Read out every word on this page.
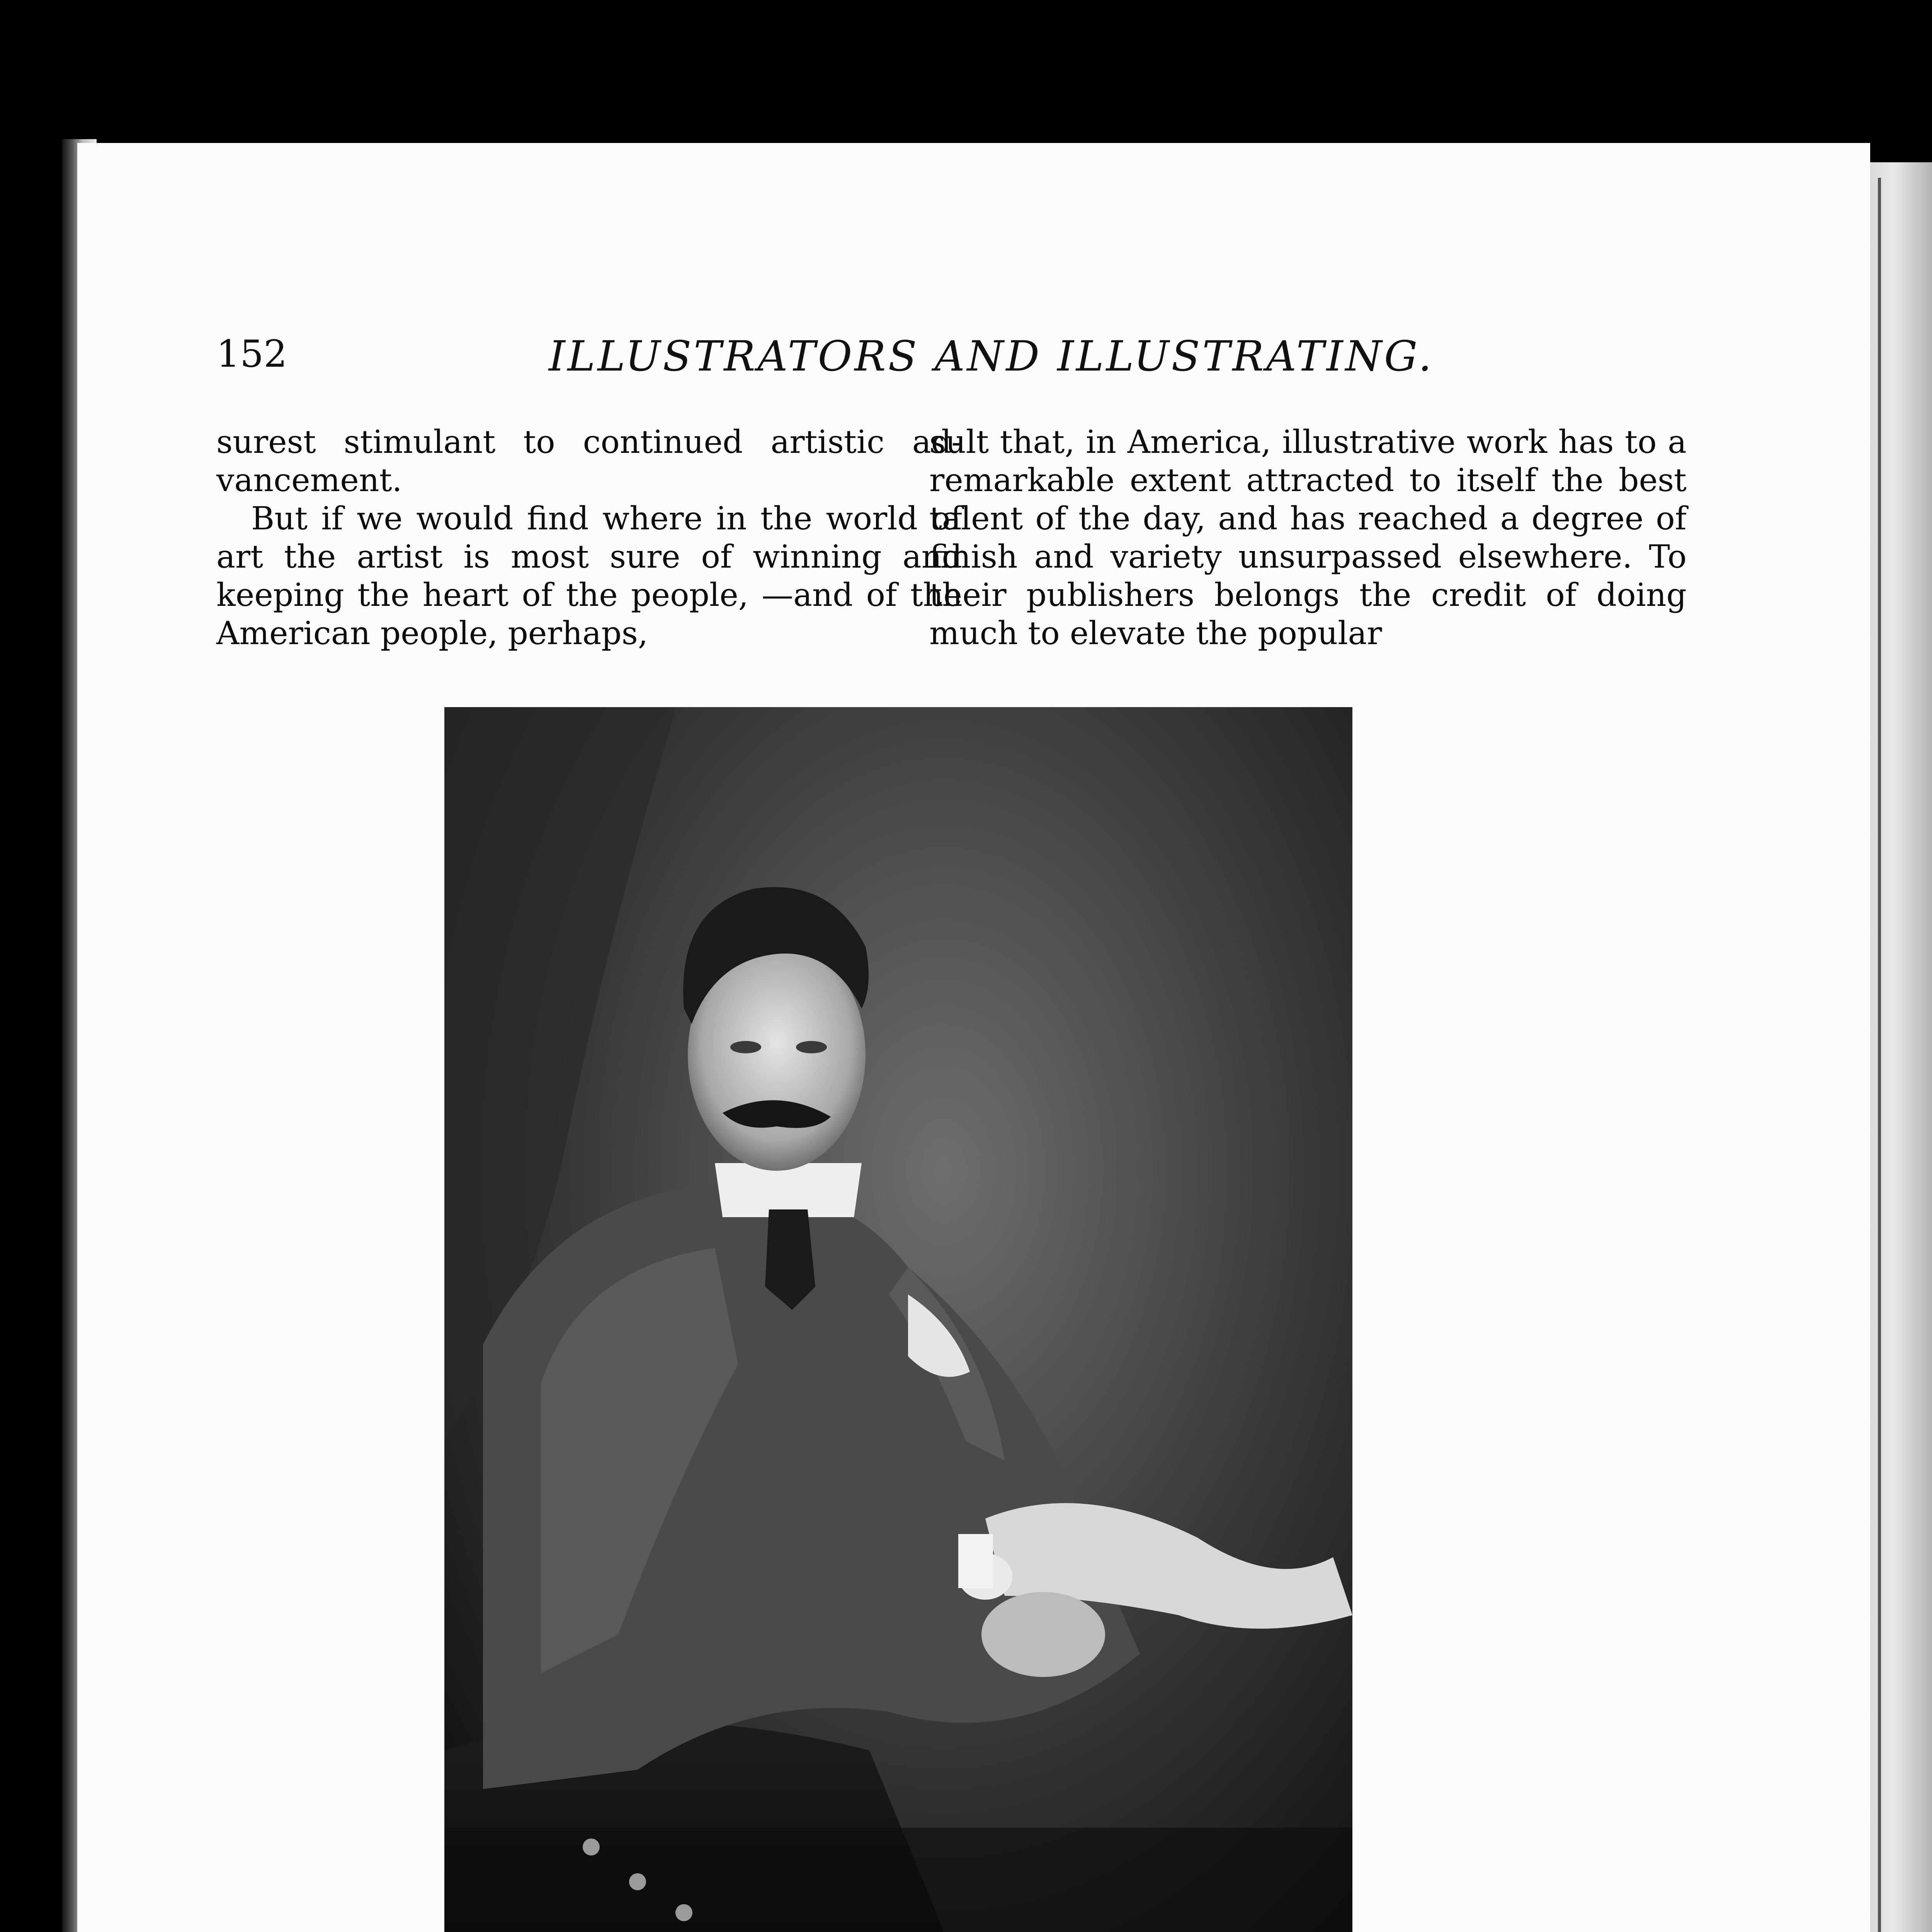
152	ILLUSTRATORS AND ILLUSTRATING.

surest stimulant to continued artistic ad- vancement.

But if we would find where in the world of art the artist is most sure of winning and keeping the heart of the people, —and of the American people, perhaps,

sult that, in America, illustrative work has to a remarkable extent attracted to itself the best talent of the day, and has reached a degree of finish and variety unsurpassed elsewhere. To their publishers belongs the credit of doing much to elevate the popular
